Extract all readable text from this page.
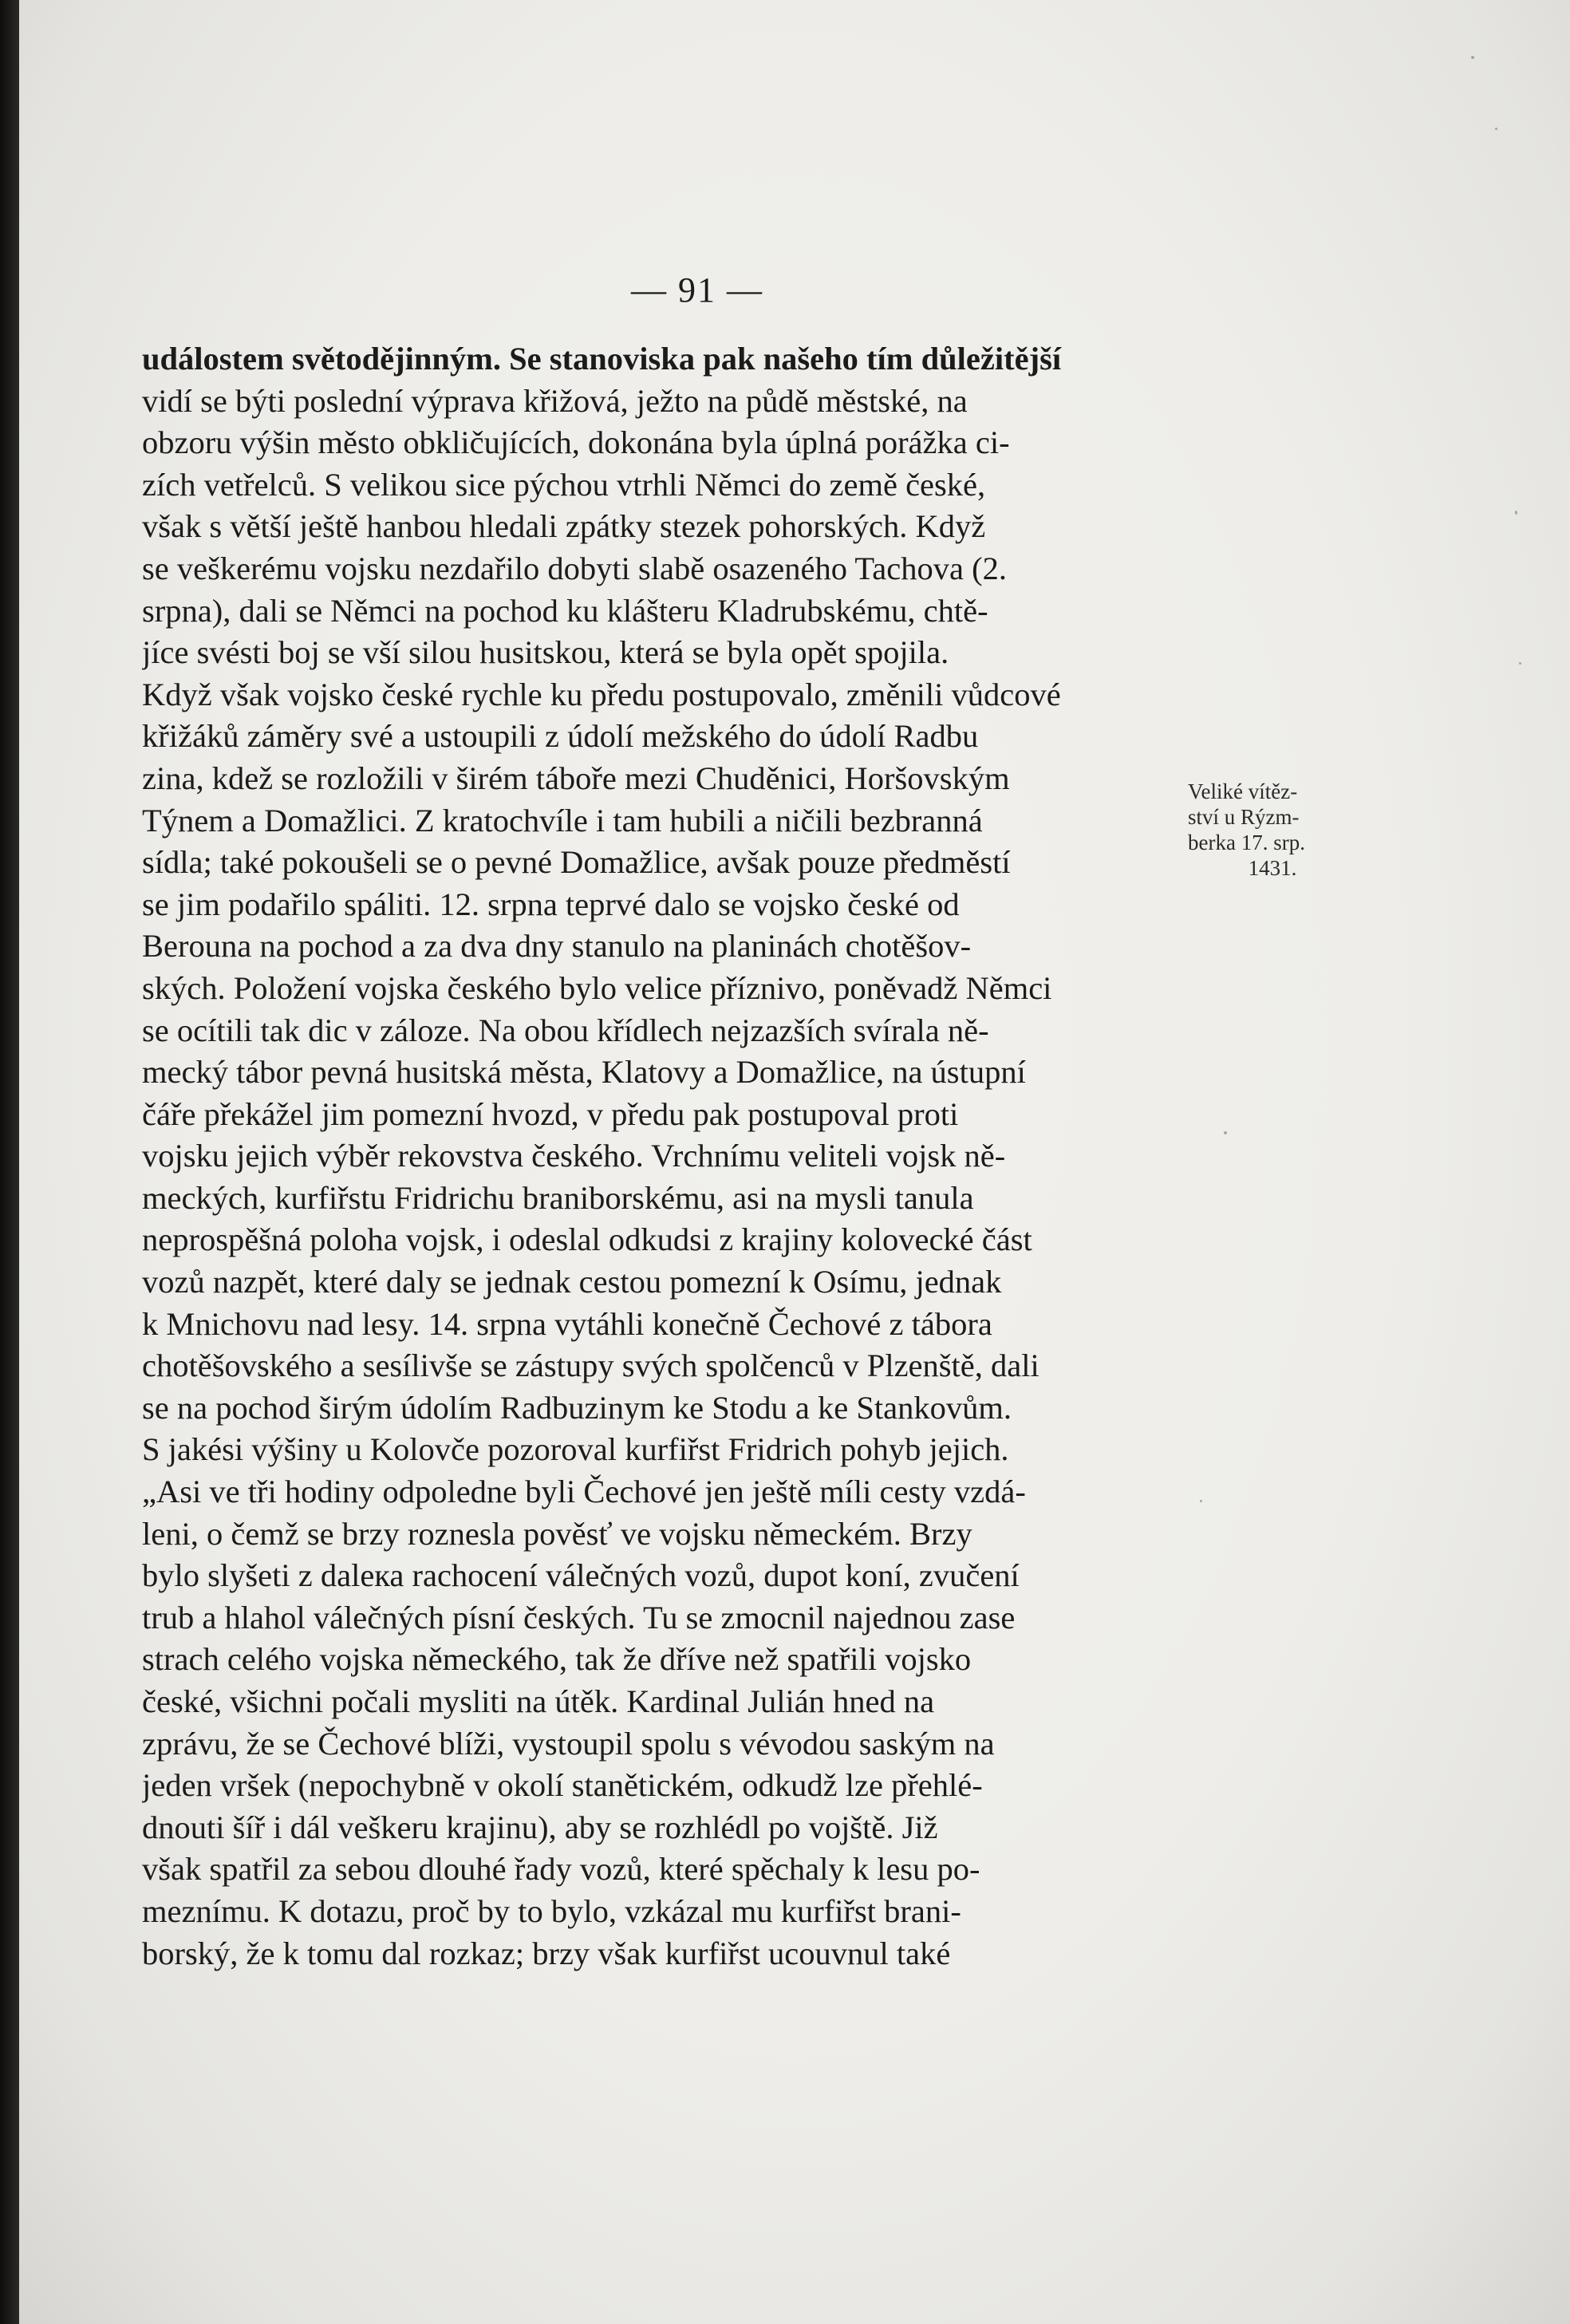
— 91 —
událostem světodějinným. Se stanoviska pak našeho tím důležitější
vidí se býti poslední výprava křižová, ježto na půdě městské, na
obzoru výšin město obkličujících, dokonána byla úplná porážka ci-
zích vetřelců. S velikou sice pýchou vtrhli Němci do země české,
však s větší ještě hanbou hledali zpátky stezek pohorských. Když
se veškerému vojsku nezdařilo dobyti slabě osazeného Tachova (2.
srpna), dali se Němci na pochod ku klášteru Kladrubskému, chtě-
jíce svésti boj se vší silou husitskou, která se byla opět spojila.
Když však vojsko české rychle ku předu postupovalo, změnili vůdcové
křižáků záměry své a ustoupili z údolí mežského do údolí Radbu
zina, kdež se rozložili v širém táboře mezi Chuděnici, Horšovským
Týnem a Domažlici. Z kratochvíle i tam hubili a ničili bezbranná
sídla; také pokoušeli se o pevné Domažlice, avšak pouze předměstí
se jim podařilo spáliti. 12. srpna teprvé dalo se vojsko české od
Berouna na pochod a za dva dny stanulo na planinách chotěšov-
ských. Položení vojska českého bylo velice příznivo, poněvadž Němci
se ocítili tak dic v záloze. Na obou křídlech nejzazších svírala ně-
mecký tábor pevná husitská města, Klatovy a Domažlice, na ústupní
čáře překážel jim pomezní hvozd, v předu pak postupoval proti
vojsku jejich výběr rekovstva českého. Vrchnímu veliteli vojsk ně-
meckých, kurfiřstu Fridrichu braniborskému, asi na mysli tanula
neprospěšná poloha vojsk, i odeslal odkudsi z krajiny kolovecké část
vozů nazpět, které daly se jednak cestou pomezní k Osímu, jednak
k Mnichovu nad lesy. 14. srpna vytáhli konečně Čechové z tábora
chotěšovského a sesílivše se zástupy svých spolčenců v Plzenště, dali
se na pochod širým údolím Radbuzinym ke Stodu a ke Stankovům.
S jakési výšiny u Kolovče pozoroval kurfiřst Fridrich pohyb jejich.
„Asi ve tři hodiny odpoledne byli Čechové jen ještě míli cesty vzdá-
leni, o čemž se brzy roznesla pověsť ve vojsku německém. Brzy
bylo slyšeti z dalека rachocení válečných vozů, dupot koní, zvučení
trub a hlahol válečných písní českých. Tu se zmocnil najednou zase
strach celého vojska německého, tak že dříve než spatřili vojsko
české, všichni počali mysliti na útěk. Kardinal Julián hned na
zprávu, že se Čechové blíži, vystoupil spolu s vévodou saským na
jeden vršek (nepochybně v okolí stanětickém, odkudž lze přehlé-
dnouti šíř i dál veškeru krajinu), aby se rozhlédl po vojště. Již
však spatřil za sebou dlouhé řady vozů, které spěchaly k lesu po-
meznímu. K dotazu, proč by to bylo, vzkázal mu kurfiřst brani-
borský, že k tomu dal rozkaz; brzy však kurfiřst ucouvnul také
Veliké vítěz-
ství u Rýzm-
berka 17. srp.
1431.
